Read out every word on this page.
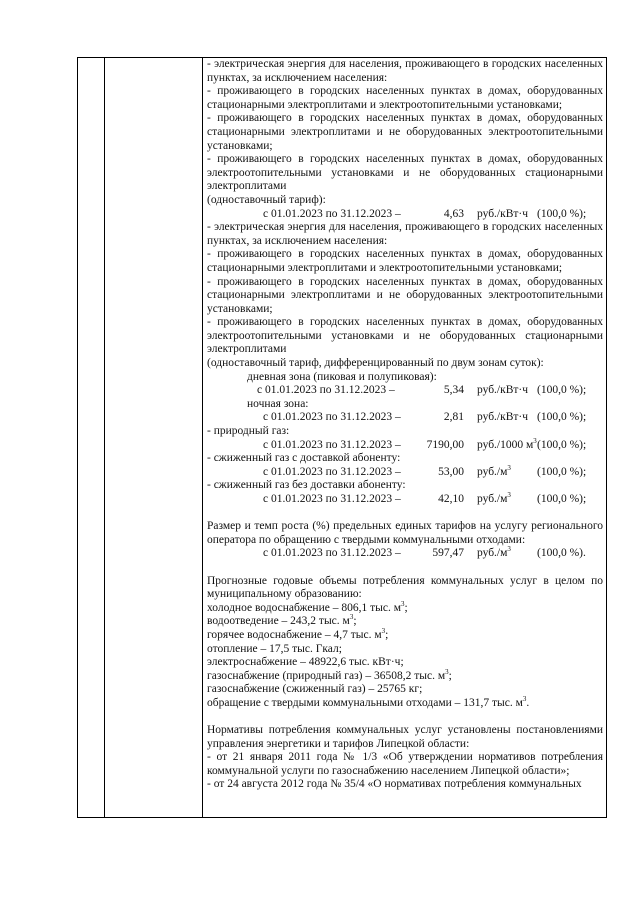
- электрическая энергия для населения, проживающего в городских населенных пунктах, за исключением населения:

- проживающего в городских населенных пунктах в домах, оборудованных стационарными электроплитами и электроотопительными установками;

- проживающего в городских населенных пунктах в домах, оборудованных стационарными электроплитами и не оборудованных электроотопительными установками;

- проживающего в городских населенных пунктах в домах, оборудованных электроотопительными установками и не оборудованных стационарными электроплитами

(одноставочный тариф):

с 01.01.2023 по 31.12.2023 –	4,63 руб./кВт·ч (100,0 %);

- электрическая энергия для населения, проживающего в городских населенных пунктах, за исключением населения:

- проживающего в городских населенных пунктах в домах, оборудованных стационарными электроплитами и электроотопительными установками;

- проживающего в городских населенных пунктах в домах, оборудованных стационарными электроплитами и не оборудованных электроотопительными установками;

- проживающего в городских населенных пунктах в домах, оборудованных электроотопительными установками и не оборудованных стационарными электроплитами

(одноставочный тариф, дифференцированный по двум зонам суток):

дневная зона (пиковая и полупиковая):

с 01.01.2023 по 31.12.2023 –	5,34 руб./кВт·ч (100,0 %);

ночная зона:

с 01.01.2023 по 31.12.2023 –	2,81 руб./кВт·ч (100,0 %);

- природный газ:

с 01.01.2023 по 31.12.2023 – 7190,00 руб./1000 $м^3$ (100,0 %);

- сжиженный газ с доставкой абоненту:

с 01.01.2023 по 31.12.2023 –	53,00 $руб./м^3$ (100,0 %);

- сжиженный газ без доставки абоненту:

с 01.01.2023 по 31.12.2023 –	42,10 $руб./м^3$ (100,0 %);

Размер и темп роста (%) предельных единых тарифов на услугу регионального оператора по обращению с твердыми коммунальными отходами:

с 01.01.2023 по 31.12.2023 –	597,47 $руб./м^3$ (100,0 %).

Прогнозные годовые объемы потребления коммунальных услуг в целом по муниципальному образованию:

холодное водоснабжение – 806,1 тыс. $м^3$;

водоотведение – 243,2 тыс. $м^3$;

горячее водоснабжение – 4,7 тыс. $м^3$;

отопление – 17,5 тыс. Гкал;

электроснабжение – 48922,6 тыс. кВт·ч;

газоснабжение (природный газ) – 36508,2 тыс. $м^3$;

газоснабжение (сжиженный газ) – 25765 кг;

обращение с твердыми коммунальными отходами – 131,7 тыс. $м^3$.

Нормативы потребления коммунальных услуг установлены постановлениями управления энергетики и тарифов Липецкой области:

- от 21 января 2011 года № 1/3 «Об утверждении нормативов потребления коммунальной услуги по газоснабжению населением Липецкой области»;

- от 24 августа 2012 года № 35/4 «О нормативах потребления коммунальных
